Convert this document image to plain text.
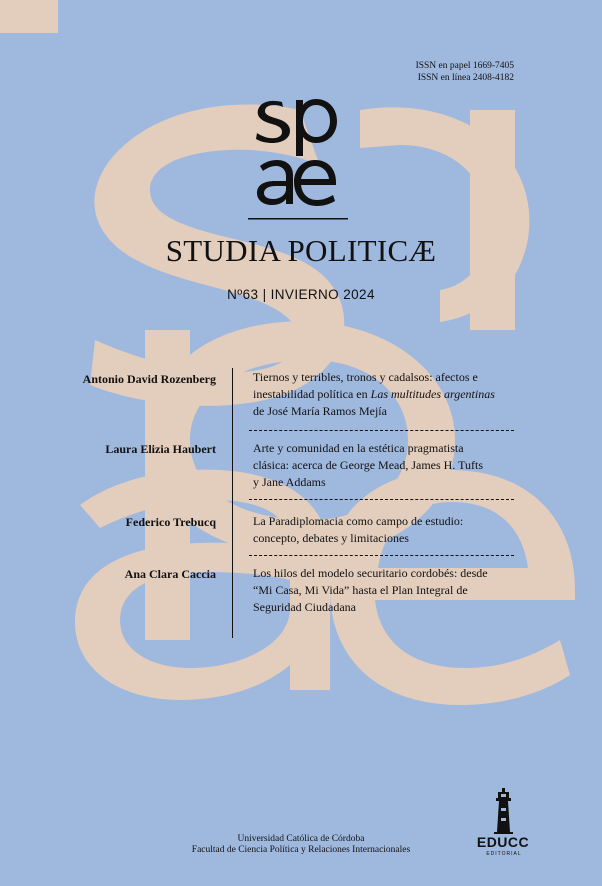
ISSN en papel 1669-7405
ISSN en línea 2408-4182
STUDIA POLITICÆ
Nº63 | INVIERNO 2024
Antonio David Rozenberg	Tiernos y terribles, tronos y cadalsos: afectos e
inestabilidad política en Las multitudes argentinas
de José María Ramos Mejía
Laura Elizia Haubert	Arte y comunidad en la estética pragmatista
clásica: acerca de George Mead, James H. Tufts
y Jane Addams
Federico Trebucq	La Paradiplomacia como campo de estudio:
concepto, debates y limitaciones
Ana Clara Caccia	Los hilos del modelo securitario cordobés: desde
“Mi Casa, Mi Vida” hasta el Plan Integral de
Seguridad Ciudadana
Universidad Católica de Córdoba
Facultad de Ciencia Política y Relaciones Internacionales	EDUCC
EDITORIAL
